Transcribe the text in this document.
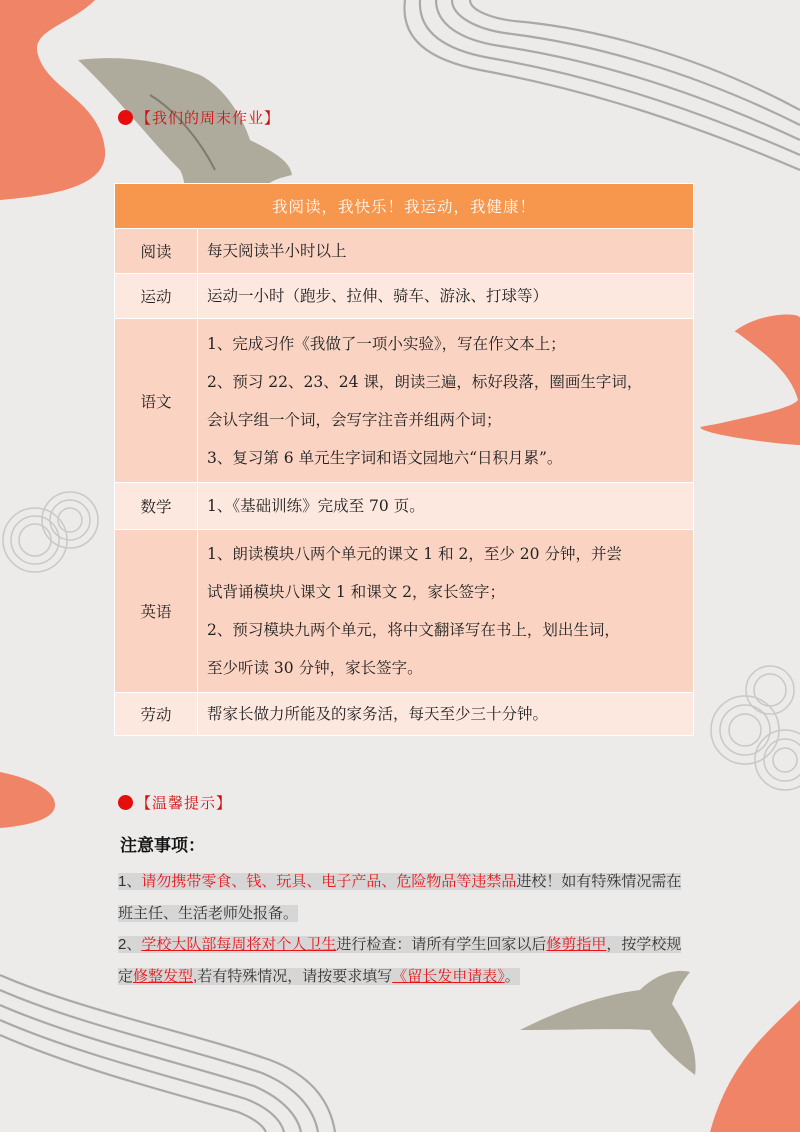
【我们的周末作业】
我阅读，我快乐！我运动，我健康！	
阅读	每天阅读半小时以上

运动	运动一小时（跑步、拉伸、骑车、游泳、打球等）

语文	1、完成习作《我做了一项小实验》，写在作文本上；
2、预习 22、23、24 课，朗读三遍，标好段落，圈画生字词，
会认字组一个词，会写字注音并组两个词；
3、复习第 6 单元生字词和语文园地六“日积月累”。

数学	1、《基础训练》完成至 70 页。

英语	1、朗读模块八两个单元的课文 1 和 2，至少 20 分钟，并尝
试背诵模块八课文 1 和课文 2，家长签字；
2、预习模块九两个单元，将中文翻译写在书上，划出生词，
至少听读 30 分钟，家长签字。

劳动	帮家长做力所能及的家务活，每天至少三十分钟。
【温馨提示】
注意事项：
1、请勿携带零食、钱、玩具、电子产品、危险物品等违禁品进校！如有特殊情况需在班主任、生活老师处报备。
2、学校大队部每周将对个人卫生进行检查：请所有学生回家以后修剪指甲，按学校规定修整发型,若有特殊情况，请按要求填写《留长发申请表》。
